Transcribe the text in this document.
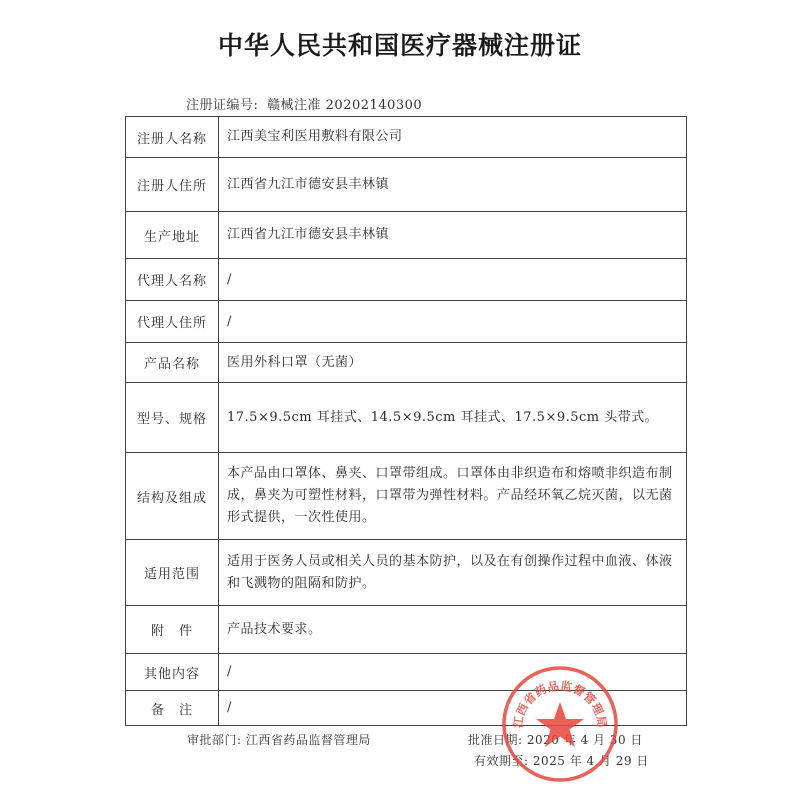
中华人民共和国医疗器械注册证
注册证编号: 赣械注准 20202140300
注册人名称	江西美宝利医用敷料有限公司
注册人住所	江西省九江市德安县丰林镇
生产地址	江西省九江市德安县丰林镇
代理人名称	/
代理人住所	/
产品名称	医用外科口罩（无菌）
型号、规格	17.5×9.5cm 耳挂式、14.5×9.5cm 耳挂式、17.5×9.5cm 头带式。
结构及组成	本产品由口罩体、鼻夹、口罩带组成。口罩体由非织造布和熔喷非织造布制成，鼻夹为可塑性材料，口罩带为弹性材料。产品经环氧乙烷灭菌，以无菌形式提供，一次性使用。
适用范围	适用于医务人员或相关人员的基本防护，以及在有创操作过程中血液、体液和飞溅物的阻隔和防护。
附　件	产品技术要求。
其他内容	/
备　注	/
审批部门: 江西省药品监督管理局	批准日期: 2020 年 4 月 30 日
有效期至: 2025 年 4 月 29 日
江西省药品监督管理局
